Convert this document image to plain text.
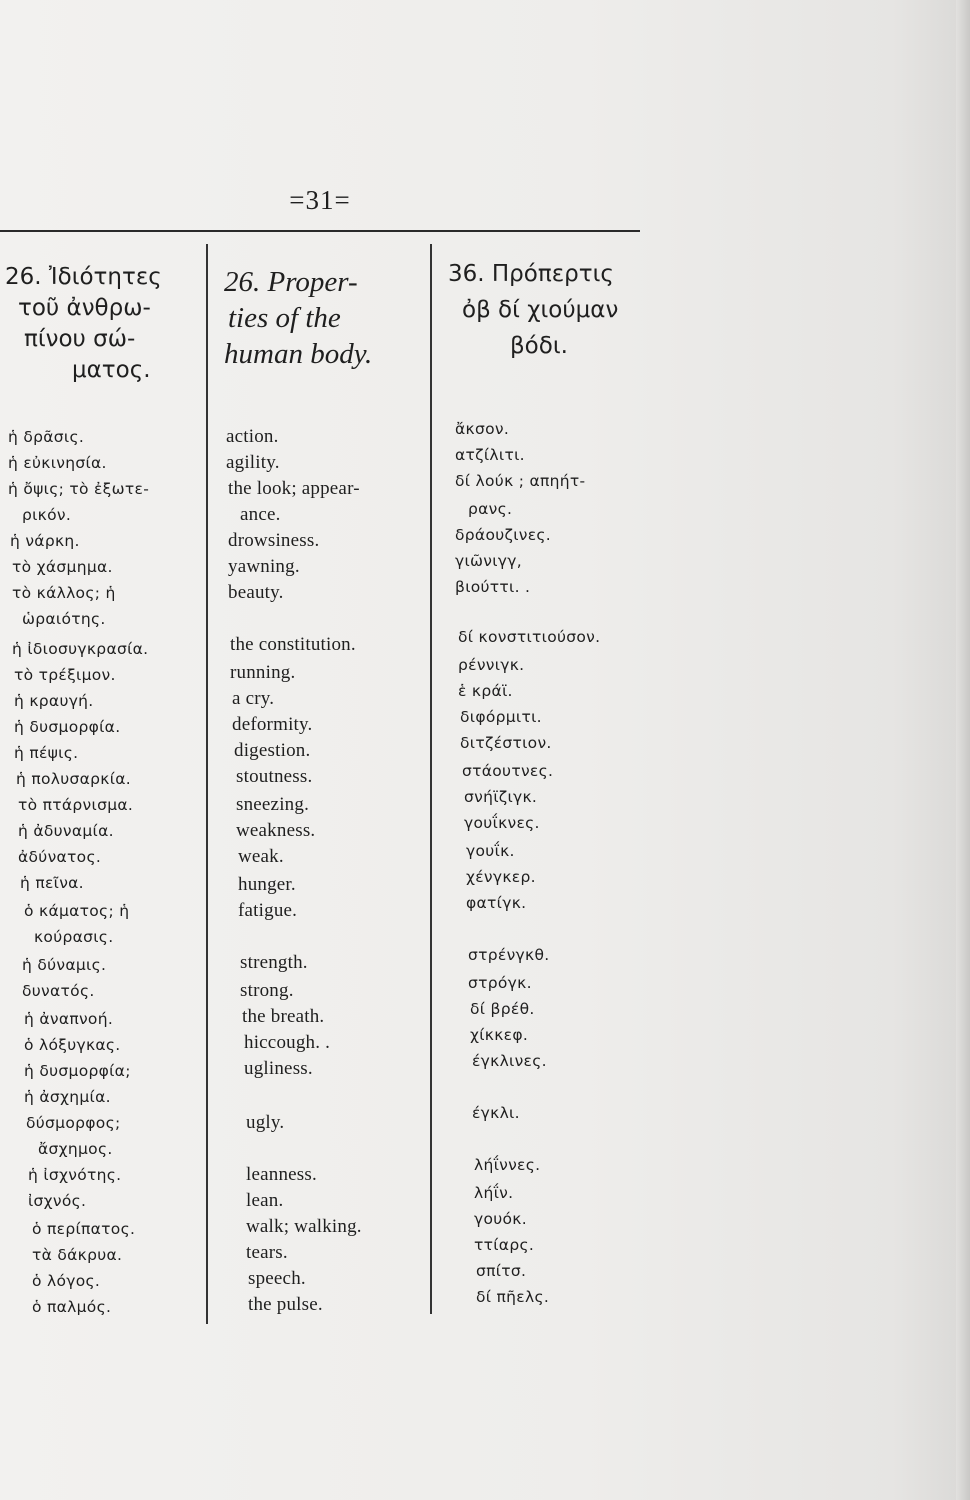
=31=
26. Ἰδιότητες
τοῦ ἀνθρω-
πίνου σώ-
ματος.
ἡ δρᾶσις.
ἡ εὐκινησία.
ἡ ὄψις; τὸ ἐξωτε-
ρικόν.
ἡ νάρκη.
τὸ χάσμημα.
τὸ κάλλος; ἡ
ὡραιότης.
ἡ ἰδιοσυγκρασία.
τὸ τρέξιμον.
ἡ κραυγή.
ἡ δυσμορφία.
ἡ πέψις.
ἡ πολυσαρκία.
τὸ πτάρνισμα.
ἡ ἀδυναμία.
ἀδύνατος.
ἡ πεῖνα.
ὁ κάματος; ἡ
κούρασις.
ἡ δύναμις.
δυνατός.
ἡ ἀναπνοή.
ὁ λόξυγκας.
ἡ δυσμορφία;
ἡ ἀσχημία.
δύσμορφος;
ἄσχημος.
ἡ ἰσχνότης.
ἰσχνός.
ὁ περίπατος.
τὰ δάκρυα.
ὁ λόγος.
ὁ παλμός.
26. Proper-
ties of the
human body.
action.
agility.
the look; appear-
ance.
drowsiness.
yawning.
beauty.
the constitution.
running.
a cry.
deformity.
digestion.
stoutness.
sneezing.
weakness.
weak.
hunger.
fatigue.
strength.
strong.
the breath.
hiccough. .
ugliness.
ugly.
leanness.
lean.
walk; walking.
tears.
speech.
the pulse.
36. Πρόπερτις
ὀβ δί χιούμαν
βόδι.
ἄκσον.
ατζίλιτι.
δί λούκ ; απηήτ-
ρανς.
δράουζινες.
γιῶνιγγ,
βιούττι. .
δί κονστιτιούσον.
ρέννιγκ.
ἑ κράϊ.
διφόρμιτι.
διτζέστιον.
στάουτνες.
σνήϊζιγκ.
γουΐκνες.
γουΐκ.
χένγκερ.
φατίγκ.
στρένγκθ.
στρόγκ.
δί βρέθ.
χίκκεφ.
έγκλινες.
έγκλι.
λήΐννες.
λήΐν.
γουόκ.
ττίαρς.
σπίτσ.
δί πῆελς.
